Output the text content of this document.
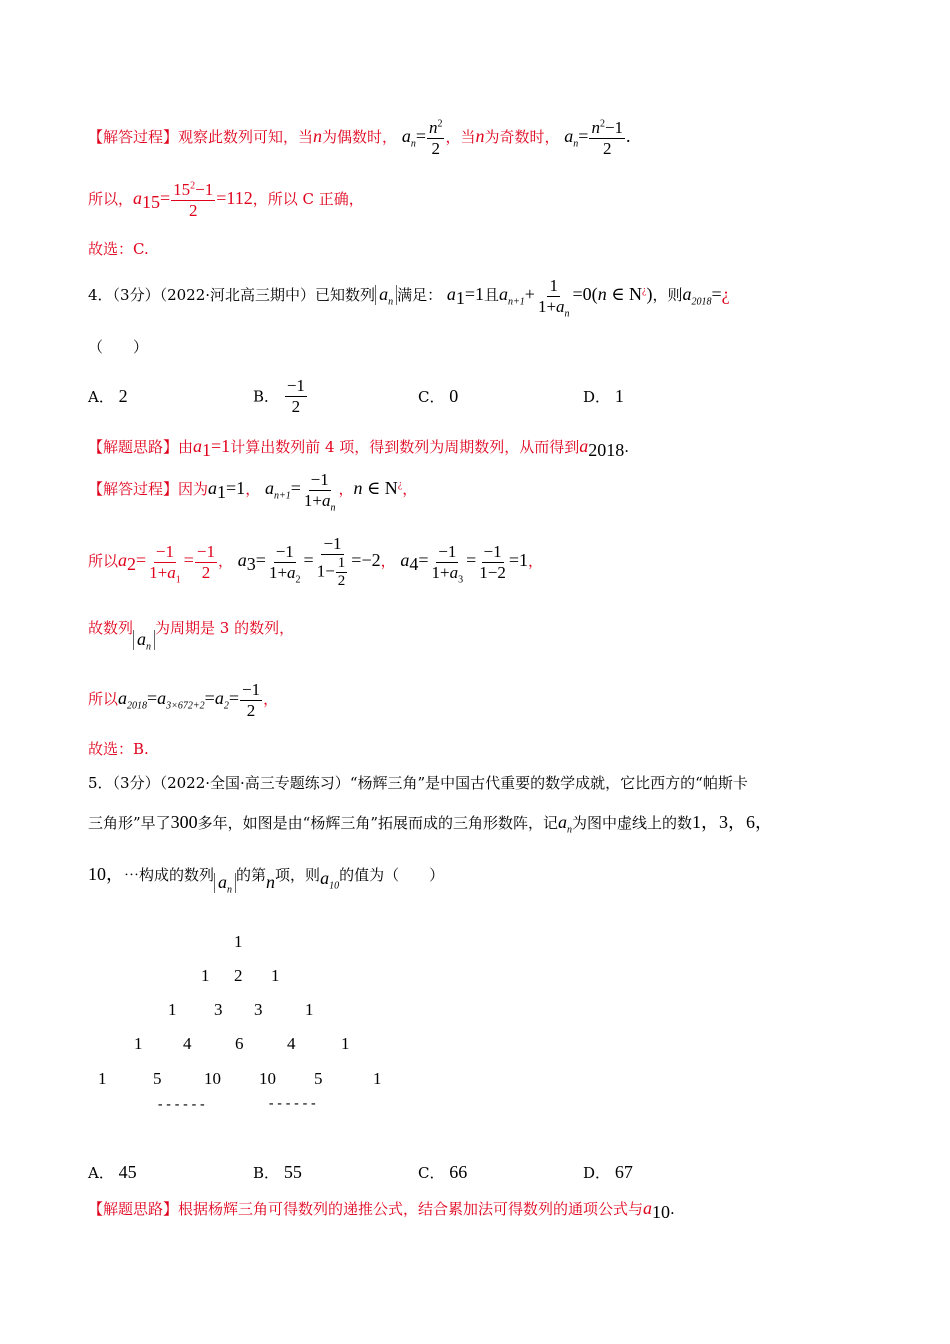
【解答过程】观察此数列可知，当n为偶数时， $a_n= \frac{n^2}{2}$ ，当n为奇数时， $a_n= \frac{n^2-1}{2}$ .
所以，$a_{15}= \frac{15^2-1}{2} =112$，所以 C 正确，
故选：C.
4．（3分）（2022·河北高三期中）已知数列 $a_n$ 满足： $a_1=1$且$a_{n+1}+ \frac{1}{1+a_n} =0(n$ ∈ N¿)，则$a_{2018}=¿$
（　　）
A． 2	B． $\frac{-1}{2}$	C． 0	D． 1
【解题思路】由$a_1=1$计算出数列前 4 项，得到数列为周期数列，从而得到$a_{2018}$.
【解答过程】因为$a_1=1$， $a_{n+1}= \frac{-1}{1+a_n}$ ，n ∈ N¿，
所以$a_2= \frac{-1}{1+a_1} = \frac{-1}{2}$ ， $a_3= \frac{-1}{1+a_2} = \frac{-1}{1- \frac{1}{2}} =-2$， $a_4= \frac{-1}{1+a_3} = \frac{-1}{1-2} =1$，
故数列$a_n$为周期是 3 的数列，
所以$a_{2018}=a_{3\times 672+2}=a_2= \frac{-1}{2}$ ，
故选：B.
5．（3分）（2022·全国·高三专题练习）“杨辉三角”是中国古代重要的数学成就，它比西方的“帕斯卡
三角形”早了300多年，如图是由“杨辉三角”拓展而成的三角形数阵，记$a_n$为图中虚线上的数1，3，6，
10，⋯构成的数列 $a_n$的第n项，则$a_{10}$的值为（　　）
1
1 2 1
1 3 3	1
1 4	6	4	1
1	5	10 10 5	1
------	------
A． 45	B． 55	C． 66	D． 67
【解题思路】根据杨辉三角可得数列的递推公式，结合累加法可得数列的通项公式与$a_{10}$.
